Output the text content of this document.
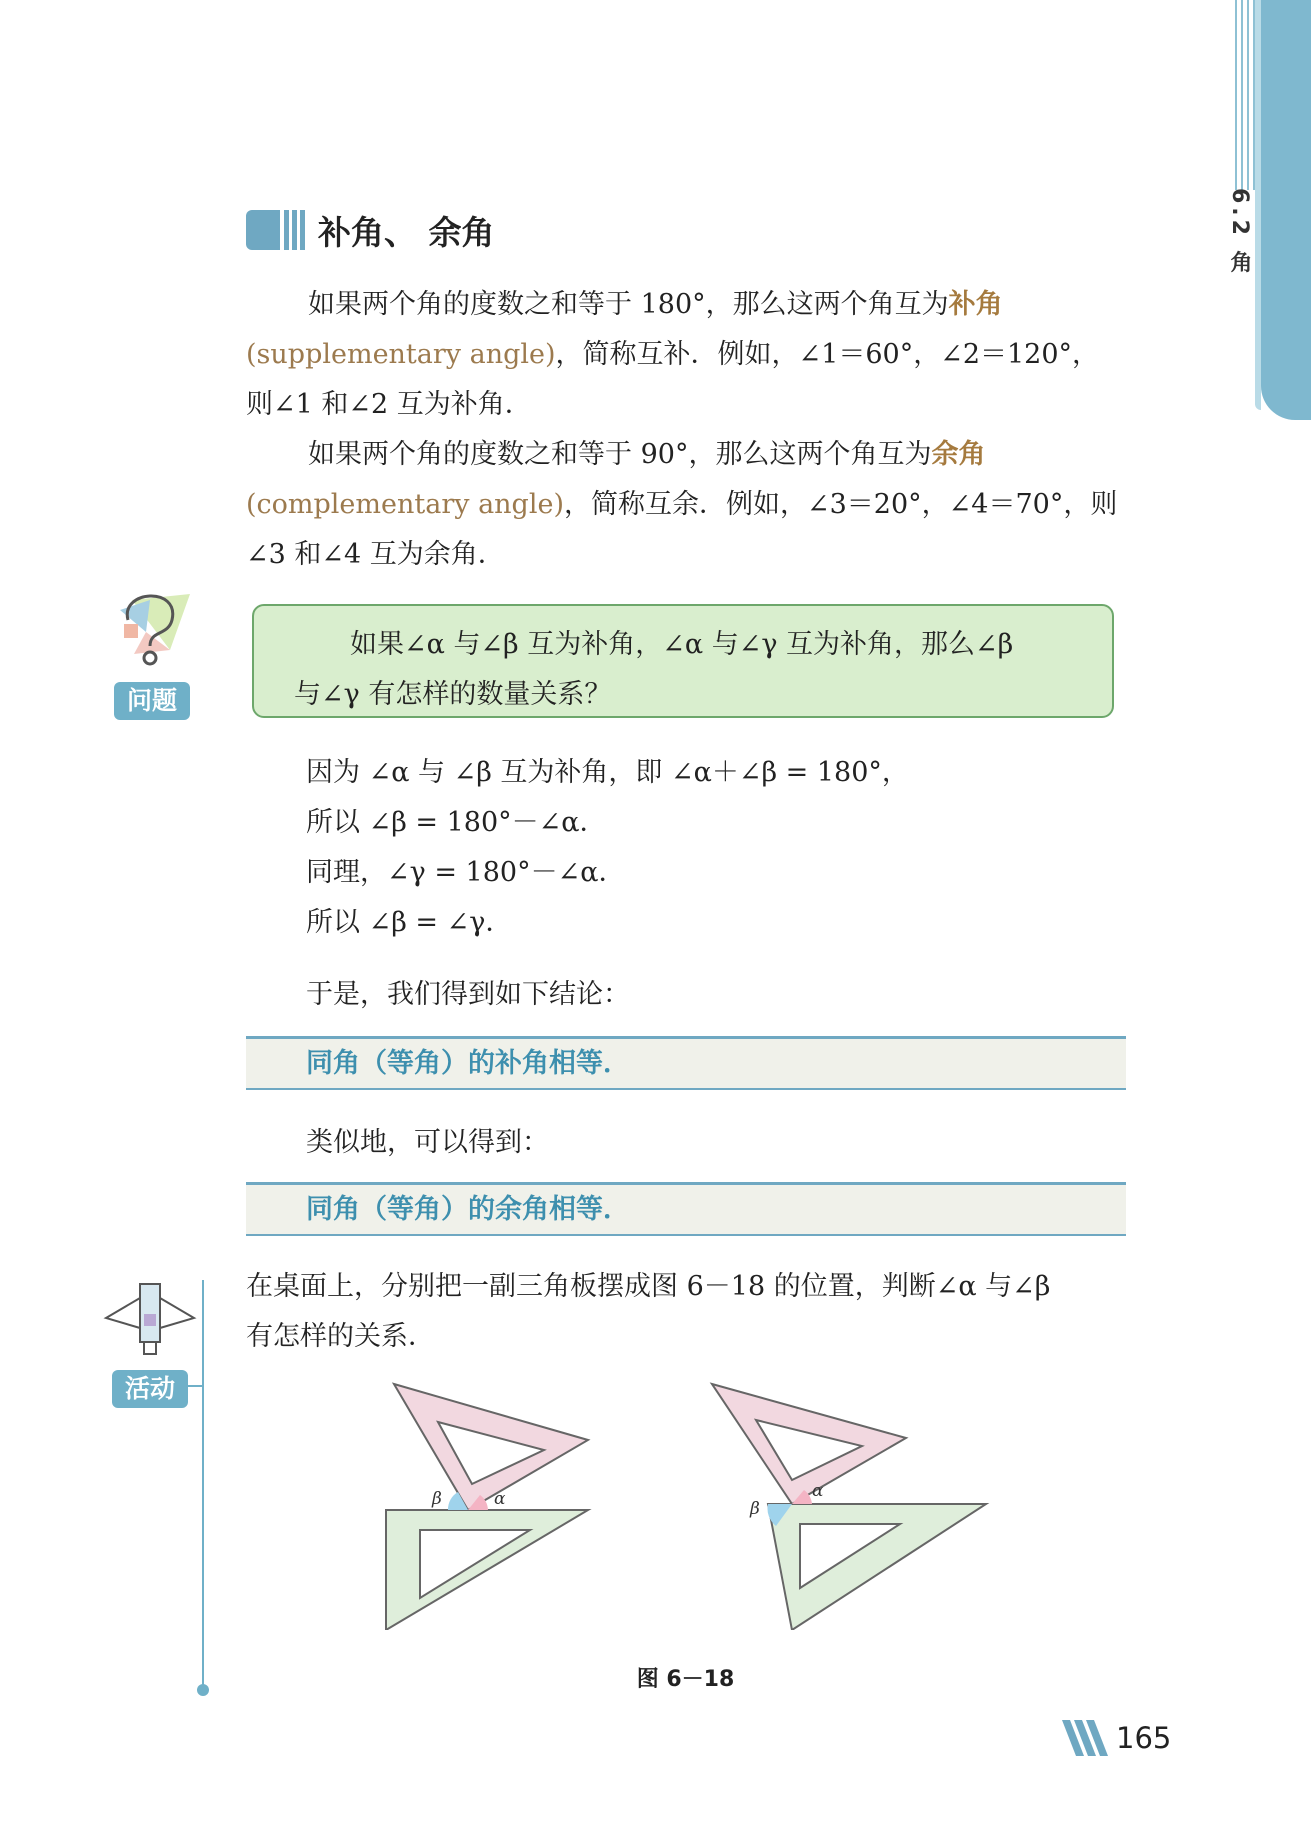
6.2 角
补角、 余角
如果两个角的度数之和等于 180°，那么这两个角互为补角(supplementary angle)，简称互补．例如，∠1＝60°，∠2＝120°，则∠1 和∠2 互为补角．
如果两个角的度数之和等于 90°，那么这两个角互为余角(complementary angle)，简称互余．例如，∠3＝20°，∠4＝70°，则∠3 和∠4 互为余角．
问题
如果∠α 与∠β 互为补角，∠α 与∠γ 互为补角，那么∠β
与∠γ 有怎样的数量关系？
因为 ∠α 与 ∠β 互为补角，即 ∠α＋∠β = 180°，
所以 ∠β = 180°－∠α．
同理，∠γ = 180°－∠α．
所以 ∠β = ∠γ．
于是，我们得到如下结论：
同角（等角）的补角相等．
类似地，可以得到：
同角（等角）的余角相等．
活动
在桌面上，分别把一副三角板摆成图 6－18 的位置，判断∠α 与∠β
有怎样的关系．
β	α	β
α
图 6－18
165
